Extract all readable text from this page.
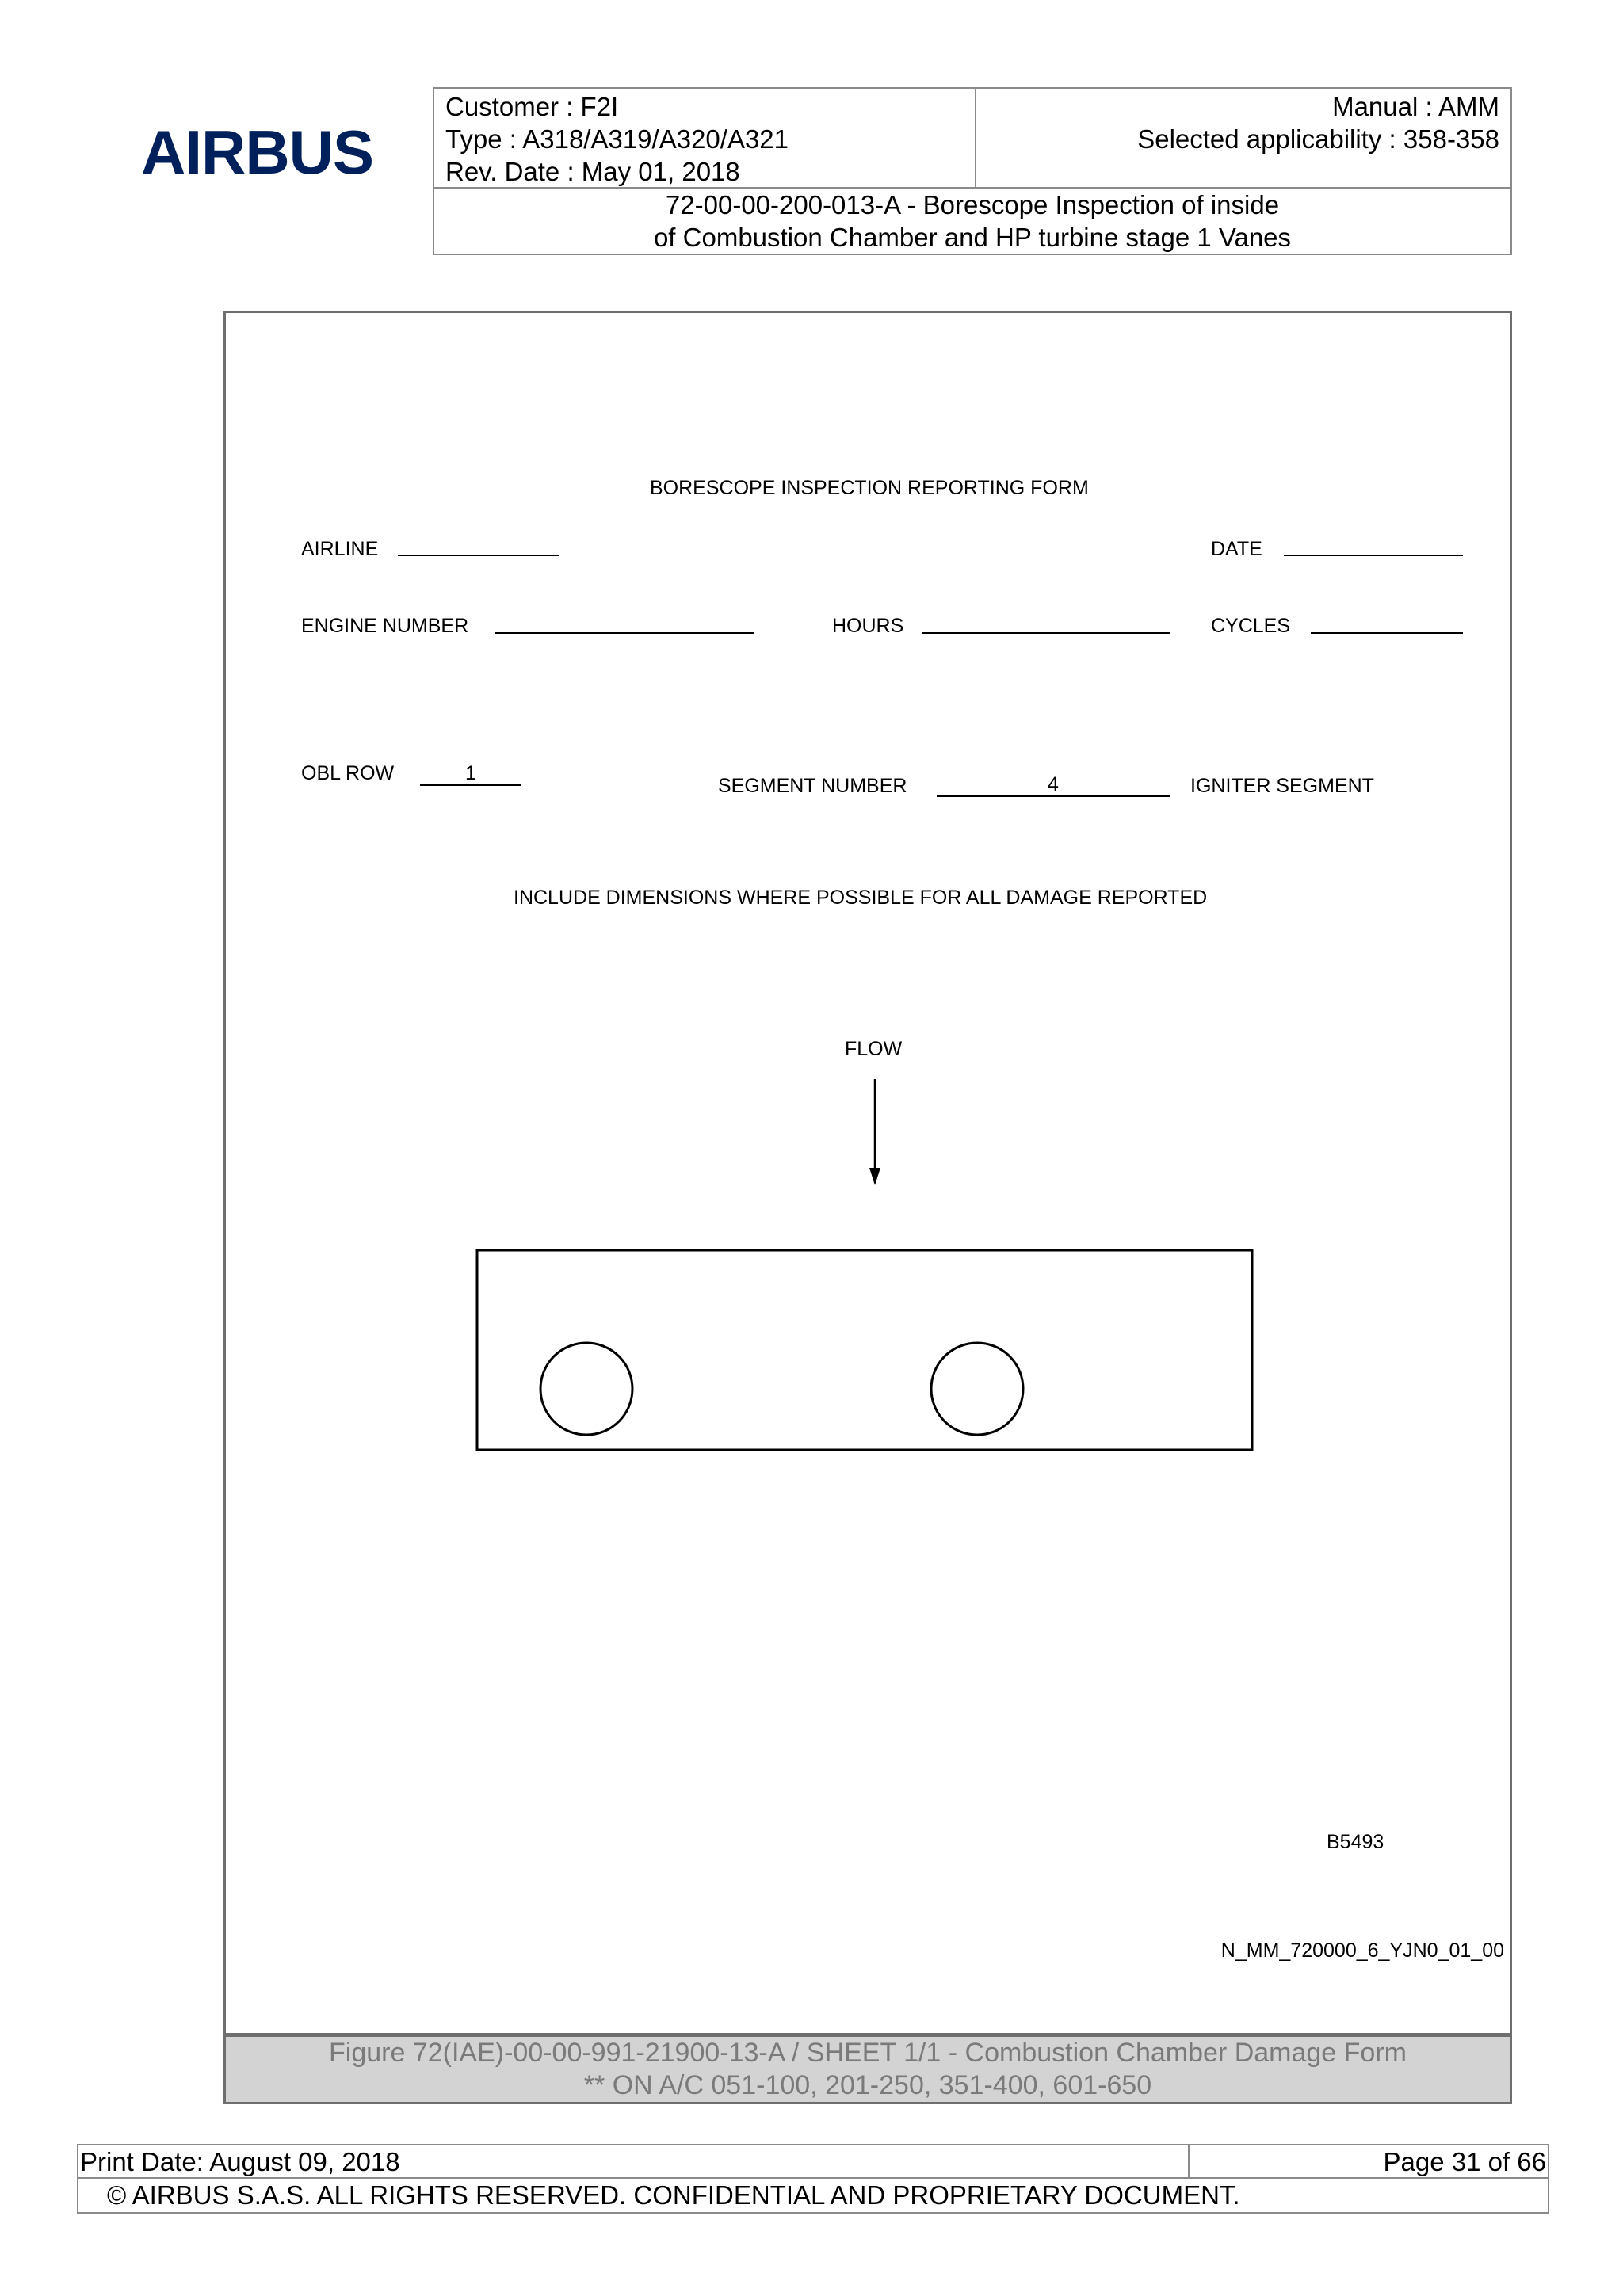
AIRBUS
Customer : F2I
Type : A318/A319/A320/A321
Rev. Date : May 01, 2018
Manual : AMM
Selected applicability : 358-358
72-00-00-200-013-A - Borescope Inspection of inside
of Combustion Chamber and HP turbine stage 1 Vanes
BORESCOPE INSPECTION REPORTING FORM
AIRLINE	DATE
ENGINE NUMBER	HOURS	CYCLES
OBL ROW	1
SEGMENT NUMBER	4	IGNITER SEGMENT
INCLUDE DIMENSIONS WHERE POSSIBLE FOR ALL DAMAGE REPORTED
FLOW
B5493
N_MM_720000_6_YJN0_01_00
Figure 72(IAE)-00-00-991-21900-13-A / SHEET 1/1 - Combustion Chamber Damage Form
** ON A/C 051-100, 201-250, 351-400, 601-650
Print Date: August 09, 2018	Page 31 of 66
© AIRBUS S.A.S. ALL RIGHTS RESERVED. CONFIDENTIAL AND PROPRIETARY DOCUMENT.
